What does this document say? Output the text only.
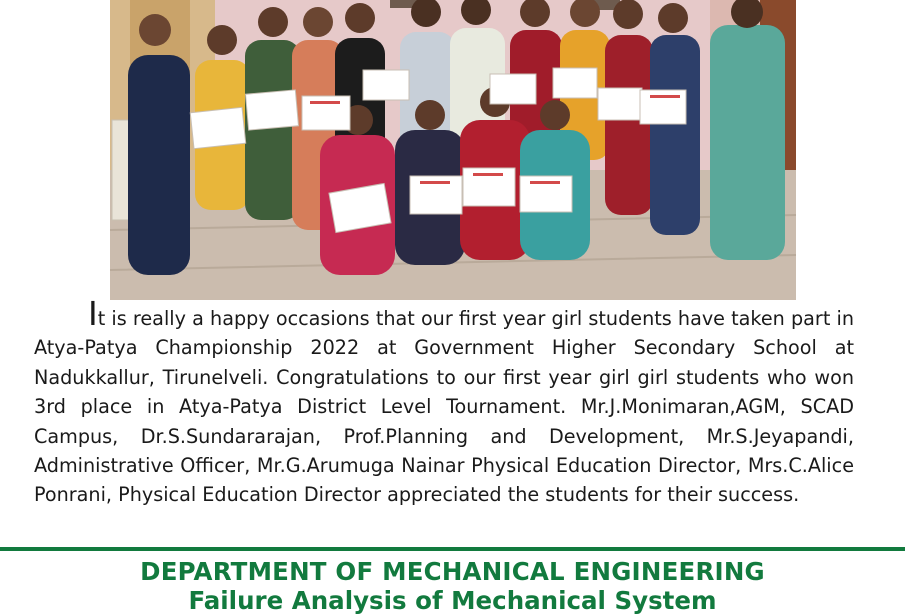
It is really a happy occasions that our first year girl students have taken part in Atya-Patya Championship 2022 at Government Higher Secondary School at Nadukkallur, Tirunelveli. Congratulations to our first year girl girl students who won 3rd place in Atya-Patya District Level Tournament. Mr.J.Monimaran,AGM, SCAD Campus, Dr.S.Sundararajan, Prof.Planning and Development, Mr.S.Jeyapandi, Administrative Officer, Mr.G.Arumuga Nainar Physical Education Director, Mrs.C.Alice Ponrani, Physical Education Director appreciated the students for their success.
DEPARTMENT OF MECHANICAL ENGINEERING
Failure Analysis of Mechanical System
